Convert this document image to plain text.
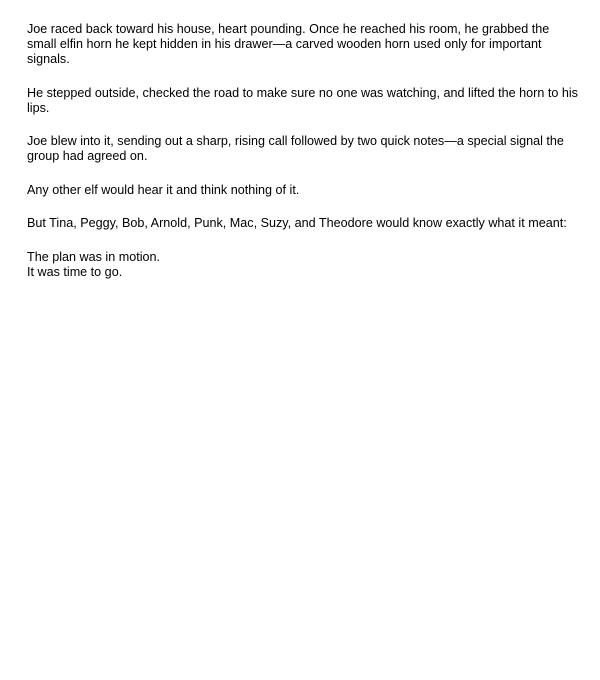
Joe raced back toward his house, heart pounding. Once he reached his room, he grabbed the small elfin horn he kept hidden in his drawer—a carved wooden horn used only for important signals.

He stepped outside, checked the road to make sure no one was watching, and lifted the horn to his lips.

Joe blew into it, sending out a sharp, rising call followed by two quick notes—a special signal the group had agreed on.

Any other elf would hear it and think nothing of it.

But Tina, Peggy, Bob, Arnold, Punk, Mac, Suzy, and Theodore would know exactly what it meant:

The plan was in motion.
It was time to go.
